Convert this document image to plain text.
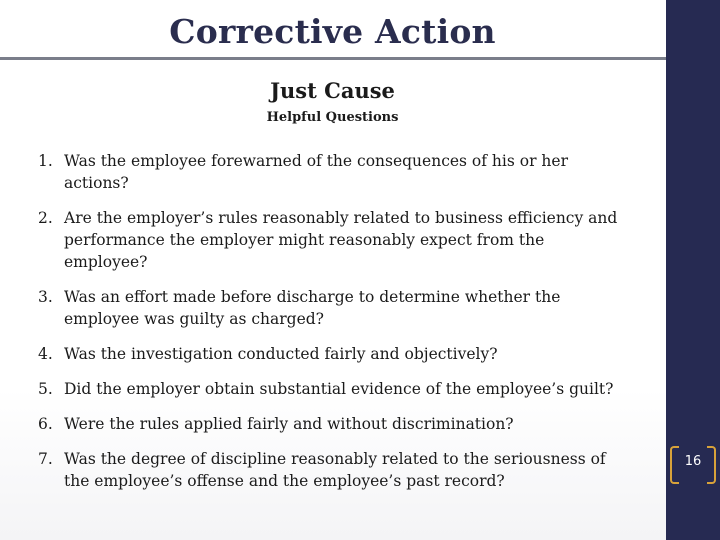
Corrective Action
Just Cause
Helpful Questions
1. Was the employee forewarned of the consequences of his or her actions?
2. Are the employer’s rules reasonably related to business efficiency and performance the employer might reasonably expect from the employee?
3. Was an effort made before discharge to determine whether the employee was guilty as charged?
4. Was the investigation conducted fairly and objectively?
5. Did the employer obtain substantial evidence of the employee’s guilt?
6. Were the rules applied fairly and without discrimination?
7. Was the degree of discipline reasonably related to the seriousness of the employee’s offense and the employee’s past record?
16
